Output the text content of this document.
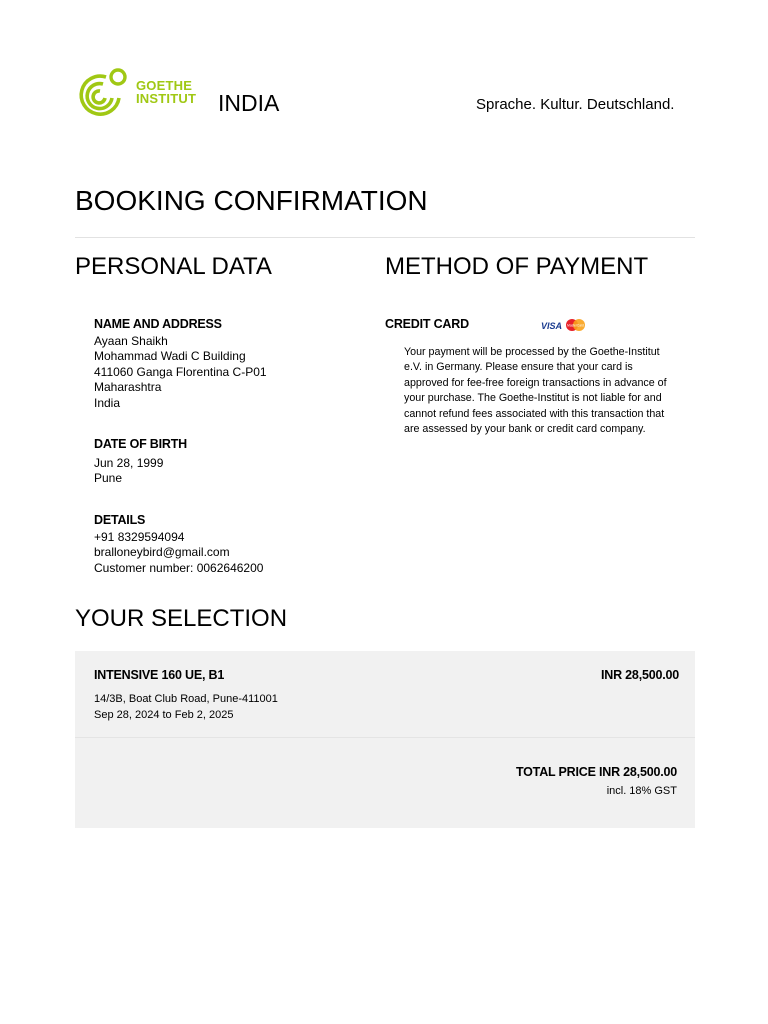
GOETHE
INSTITUT INDIA	Sprache. Kultur. Deutschland.
BOOKING CONFIRMATION
PERSONAL DATA
NAME AND ADDRESS
Ayaan Shaikh
Mohammad Wadi C Building
411060 Ganga Florentina C-P01
Maharashtra
India
DATE OF BIRTH
Jun 28, 1999
Pune
DETAILS
+91 8329594094
bralloneybird@gmail.com
Customer number: 0062646200
METHOD OF PAYMENT
CREDIT CARD	VISA MasterCard
Your payment will be processed by the Goethe-Institut e.V. in Germany. Please ensure that your card is approved for fee-free foreign transactions in advance of your purchase. The Goethe-Institut is not liable for and cannot refund fees associated with this transaction that are assessed by your bank or credit card company.
YOUR SELECTION
INTENSIVE 160 UE, B1	INR 28,500.00
14/3B, Boat Club Road, Pune-411001
Sep 28, 2024 to Feb 2, 2025
TOTAL PRICE INR 28,500.00
incl. 18% GST
